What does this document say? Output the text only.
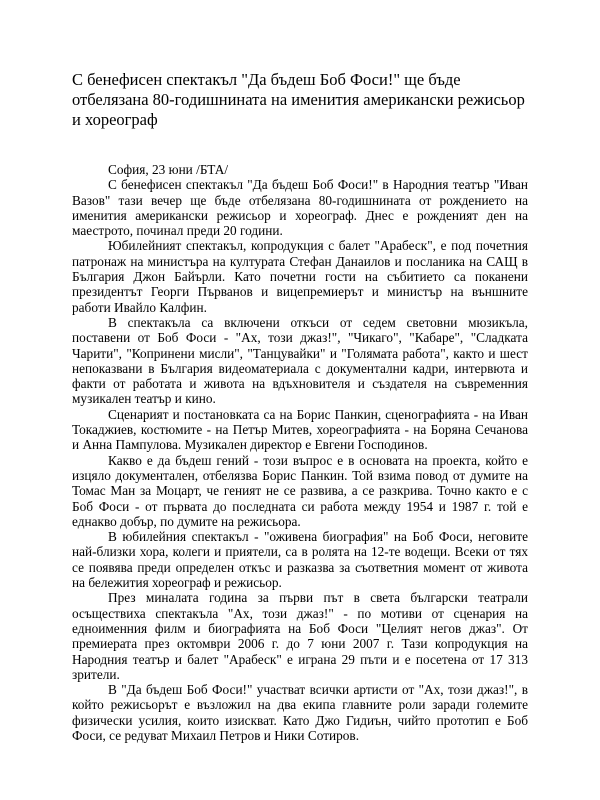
С бенефисен спектакъл "Да бъдеш Боб Фоси!" ще бъде отбелязана 80-годишнината на именития американски режисьор и хореограф

София, 23 юни /БТА/

С бенефисен спектакъл "Да бъдеш Боб Фоси!" в Народния театър "Иван Вазов" тази вечер ще бъде отбелязана 80-годишнината от рождението на именития американски режисьор и хореограф. Днес е рожденият ден на маестрото, починал преди 20 години.

Юбилейният спектакъл, копродукция с балет "Арабеск", е под почетния патронаж на министъра на културата Стефан Данаилов и посланика на САЩ в България Джон Байърли. Като почетни гости на събитието са поканени президентът Георги Първанов и вицепремиерът и министър на външните работи Ивайло Калфин.

В спектакъла са включени откъси от седем световни мюзикъла, поставени от Боб Фоси - "Ах, този джаз!", "Чикаго", "Кабаре", "Сладката Чарити", "Копринени мисли", "Танцувайки" и "Голямата работа", както и шест непоказвани в България видеоматериала с документални кадри, интервюта и факти от работата и живота на вдъхновителя и създателя на съвременния музикален театър и кино.

Сценарият и постановката са на Борис Панкин, сценографията - на Иван Токаджиев, костюмите - на Петър Митев, хореографията - на Боряна Сечанова и Анна Пампулова. Музикален директор е Евгени Господинов.

Какво е да бъдеш гений - този въпрос е в основата на проекта, който е изцяло документален, отбелязва Борис Панкин. Той взима повод от думите на Томас Ман за Моцарт, че геният не се развива, а се разкрива. Точно както е с Боб Фоси - от първата до последната си работа между 1954 и 1987 г. той е еднакво добър, по думите на режисьора.

В юбилейния спектакъл - "оживена биография" на Боб Фоси, неговите най-близки хора, колеги и приятели, са в ролята на 12-те водещи. Всеки от тях се появява преди определен откъс и разказва за съответния момент от живота на бележития хореограф и режисьор.

През миналата година за първи път в света български театрали осъществиха спектакъла "Ах, този джаз!" - по мотиви от сценария на едноименния филм и биографията на Боб Фоси "Целият негов джаз". От премиерата през октомври 2006 г. до 7 юни 2007 г. Тази копродукция на Народния театър и балет "Арабеск" е играна 29 пъти и е посетена от 17 313 зрители.

В "Да бъдеш Боб Фоси!" участват всички артисти от "Ах, този джаз!", в който режисьорът е възложил на два екипа главните роли заради големите физически усилия, които изискват. Като Джо Гидиън, чийто прототип е Боб Фоси, се редуват Михаил Петров и Ники Сотиров.
